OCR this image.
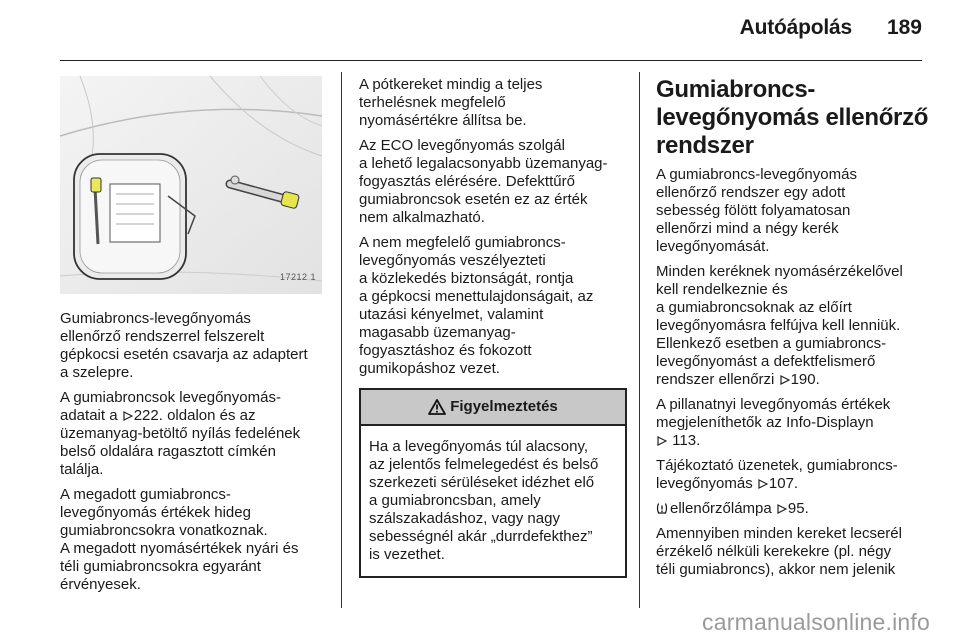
Autóápolás 189
17212 1

Gumiabroncs-levegőnyomás
ellenőrző rendszerrel felszerelt
gépkocsi esetén csavarja az adaptert
a szelepre.

A gumiabroncsok levegőnyomás-
adatait a 222. oldalon és az
üzemanyag-betöltő nyílás fedelének
belső oldalára ragasztott címkén
találja.

A megadott gumiabroncs-
levegőnyomás értékek hideg
gumiabroncsokra vonatkoznak.
A megadott nyomásértékek nyári és
téli gumiabroncsokra egyaránt
érvényesek.

A pótkereket mindig a teljes
terhelésnek megfelelő
nyomásértékre állítsa be.

Az ECO levegőnyomás szolgál
a lehető legalacsonyabb üzemanyag-
fogyasztás elérésére. Defekttűrő
gumiabroncsok esetén ez az érték
nem alkalmazható.

A nem megfelelő gumiabroncs-
levegőnyomás veszélyezteti
a közlekedés biztonságát, rontja
a gépkocsi menettulajdonságait, az
utazási kényelmet, valamint
magasabb üzemanyag-
fogyasztáshoz és fokozott
gumikopáshoz vezet.

Figyelmeztetés
Ha a levegőnyomás túl alacsony,
az jelentős felmelegedést és belső
szerkezeti sérüléseket idézhet elő
a gumiabroncsban, amely
szálszakadáshoz, vagy nagy
sebességnél akár „durrdefekthez”
is vezethet.
Gumiabroncs-
levegőnyomás ellenőrző
rendszer

A gumiabroncs-levegőnyomás
ellenőrző rendszer egy adott
sebesség fölött folyamatosan
ellenőrzi mind a négy kerék
levegőnyomását.

Minden keréknek nyomásérzékelővel
kell rendelkeznie és
a gumiabroncsoknak az előírt
levegőnyomásra felfújva kell lenniük.
Ellenkező esetben a gumiabroncs-
levegőnyomást a defektfelismerő
rendszer ellenőrzi 190.

A pillanatnyi levegőnyomás értékek
megjeleníthetők az Info-Displayn
113.

Tájékoztató üzenetek, gumiabroncs-
levegőnyomás 107.

ellenőrzőlámpa 95.

Amennyiben minden kereket lecserél
érzékelő nélküli kerekekre (pl. négy
téli gumiabroncs), akkor nem jelenik

carmanualsonline.info
